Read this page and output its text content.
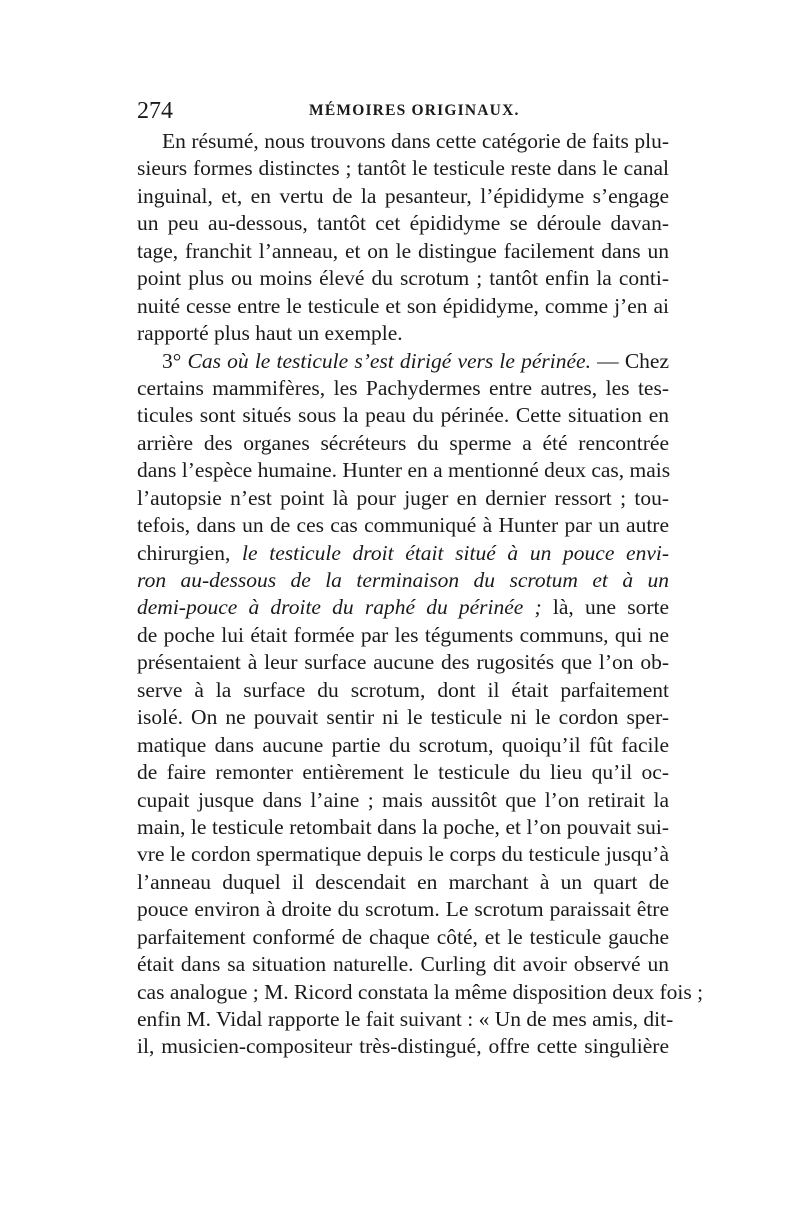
274	MÉMOIRES ORIGINAUX.
En résumé, nous trouvons dans cette catégorie de faits plu-
sieurs formes distinctes ; tantôt le testicule reste dans le canal
inguinal, et, en vertu de la pesanteur, l’épididyme s’engage
un peu au-dessous, tantôt cet épididyme se déroule davan-
tage, franchit l’anneau, et on le distingue facilement dans un
point plus ou moins élevé du scrotum ; tantôt enfin la conti-
nuité cesse entre le testicule et son épididyme, comme j’en ai
rapporté plus haut un exemple.
3° Cas où le testicule s’est dirigé vers le périnée. — Chez
certains mammifères, les Pachydermes entre autres, les tes-
ticules sont situés sous la peau du périnée. Cette situation en
arrière des organes sécréteurs du sperme a été rencontrée
dans l’espèce humaine. Hunter en a mentionné deux cas, mais
l’autopsie n’est point là pour juger en dernier ressort ; tou-
tefois, dans un de ces cas communiqué à Hunter par un autre
chirurgien, le testicule droit était situé à un pouce envi-
ron au-dessous de la terminaison du scrotum et à un
demi-pouce à droite du raphé du périnée ; là, une sorte
de poche lui était formée par les téguments communs, qui ne
présentaient à leur surface aucune des rugosités que l’on ob-
serve à la surface du scrotum, dont il était parfaitement
isolé. On ne pouvait sentir ni le testicule ni le cordon sper-
matique dans aucune partie du scrotum, quoiqu’il fût facile
de faire remonter entièrement le testicule du lieu qu’il oc-
cupait jusque dans l’aine ; mais aussitôt que l’on retirait la
main, le testicule retombait dans la poche, et l’on pouvait sui-
vre le cordon spermatique depuis le corps du testicule jusqu’à
l’anneau duquel il descendait en marchant à un quart de
pouce environ à droite du scrotum. Le scrotum paraissait être
parfaitement conformé de chaque côté, et le testicule gauche
était dans sa situation naturelle. Curling dit avoir observé un
cas analogue ; M. Ricord constata la même disposition deux fois ;
enfin M. Vidal rapporte le fait suivant : « Un de mes amis, dit-
il, musicien-compositeur très-distingué, offre cette singulière
